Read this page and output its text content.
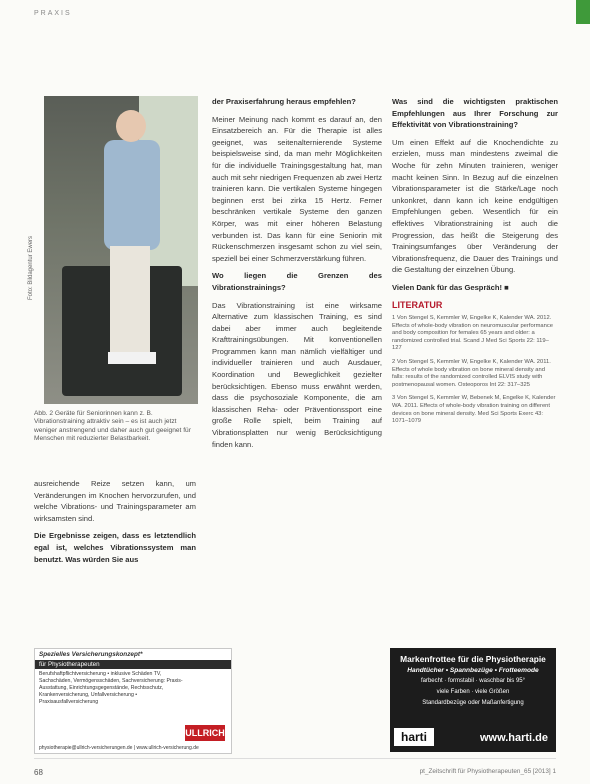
PRAXIS
Foto: Bildagentur Ewers
Abb. 2 Geräte für Seniorinnen kann z. B. Vibrationstraining attraktiv sein – es ist auch jetzt weniger anstrengend und daher auch gut geeignet für Menschen mit reduzierter Belastbarkeit.

ausreichende Reize setzen kann, um Veränderungen im Knochen hervorzurufen, und welche Vibrations- und Trainingsparameter am wirksamsten sind.

Die Ergebnisse zeigen, dass es letztendlich egal ist, welches Vibrationssystem man benutzt. Was würden Sie aus

der Praxiserfahrung heraus empfehlen?

Meiner Meinung nach kommt es darauf an, den Einsatzbereich an. Für die Therapie ist alles geeignet, was seitenalternierende Systeme beispielsweise sind, da man mehr Möglichkeiten für die individuelle Trainingsgestaltung hat, man auch mit sehr niedrigen Frequenzen ab zwei Hertz trainieren kann. Die vertikalen Systeme hingegen beginnen erst bei zirka 15 Hertz. Ferner beschränken vertikale Systeme den ganzen Körper, was mit einer höheren Belastung verbunden ist. Das kann für eine Seniorin mit Rückenschmerzen insgesamt schon zu viel sein, speziell bei einer Schmerzverstärkung führen.

Wo liegen die Grenzen des Vibrationstrainings?

Das Vibrationstraining ist eine wirksame Alternative zum klassischen Training, es sind dabei aber immer auch begleitende Krafttrainingsübungen. Mit konventionellen Programmen kann man nämlich vielfältiger und individueller trainieren und auch Ausdauer, Koordination und Beweglichkeit gezielter berücksichtigen. Ebenso muss erwähnt werden, dass die psychosoziale Komponente, die am klassischen Reha- oder Präventionssport eine große Rolle spielt, beim Training auf Vibrationsplatten nur wenig Berücksichtigung finden kann.

Was sind die wichtigsten praktischen Empfehlungen aus Ihrer Forschung zur Effektivität von Vibrationstraining?

Um einen Effekt auf die Knochendichte zu erzielen, muss man mindestens zweimal die Woche für zehn Minuten trainieren, weniger macht keinen Sinn. In Bezug auf die einzelnen Vibrationsparameter ist die Stärke/Lage noch unkonkret, dann kann ich keine endgültigen Empfehlungen geben. Wesentlich für ein effektives Vibrationstraining ist auch die Progression, das heißt die Steigerung des Trainingsumfanges über Veränderung der Vibrationsfrequenz, die Dauer des Trainings und die Gestaltung der einzelnen Übung.

Vielen Dank für das Gespräch! ■

LITERATUR

1 Von Stengel S, Kemmler W, Engelke K, Kalender WA. 2012. Effects of whole-body vibration on neuromuscular performance and body composition for females 65 years and older: a randomized controlled trial. Scand J Med Sci Sports 22: 119–127

2 Von Stengel S, Kemmler W, Engelke K, Kalender WA. 2011. Effects of whole body vibration on bone mineral density and falls: results of the randomized controlled ELVIS study with postmenopausal women. Osteoporos Int 22: 317–325

3 Von Stengel S, Kemmler W, Bebenek M, Engelke K, Kalender WA. 2011. Effects of whole-body vibration training on different devices on bone mineral density. Med Sci Sports Exerc 43: 1071–1079

Spezielles Versicherungskonzept*
für Physiotherapeuten
Berufshaftpflichtversicherung • inklusive Schäden TV, Sachschäden, Vermögensschäden, Sachversicherung: Praxis-Ausstattung, Einrichtungsgegenstände, Rechtsschutz, Krankenversicherung, Unfallversicherung • Praxisausfallversicherung
ULLRICH
physiotherapie@ullrich-versicherungen.de | www.ullrich-versicherung.de
Markenfrottee für die Physiotherapie
Handtücher • Spannbezüge • Frotteemode
farbecht · formstabil · waschbar bis 95°
viele Farben · viele Größen
Standardbezüge oder Maßanfertigung
harti	www.harti.de
68	pt_Zeitschrift für Physiotherapeuten_65 [2013] 1
